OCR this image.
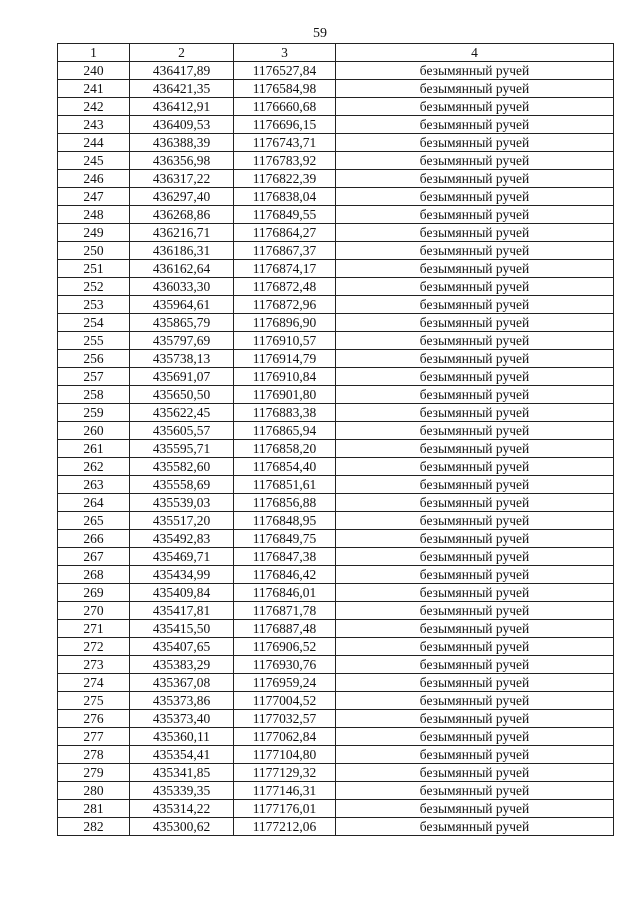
59
1	2	3	4
240	436417,89	1176527,84	безымянный ручей
241	436421,35	1176584,98	безымянный ручей
242	436412,91	1176660,68	безымянный ручей
243	436409,53	1176696,15	безымянный ручей
244	436388,39	1176743,71	безымянный ручей
245	436356,98	1176783,92	безымянный ручей
246	436317,22	1176822,39	безымянный ручей
247	436297,40	1176838,04	безымянный ручей
248	436268,86	1176849,55	безымянный ручей
249	436216,71	1176864,27	безымянный ручей
250	436186,31	1176867,37	безымянный ручей
251	436162,64	1176874,17	безымянный ручей
252	436033,30	1176872,48	безымянный ручей
253	435964,61	1176872,96	безымянный ручей
254	435865,79	1176896,90	безымянный ручей
255	435797,69	1176910,57	безымянный ручей
256	435738,13	1176914,79	безымянный ручей
257	435691,07	1176910,84	безымянный ручей
258	435650,50	1176901,80	безымянный ручей
259	435622,45	1176883,38	безымянный ручей
260	435605,57	1176865,94	безымянный ручей
261	435595,71	1176858,20	безымянный ручей
262	435582,60	1176854,40	безымянный ручей
263	435558,69	1176851,61	безымянный ручей
264	435539,03	1176856,88	безымянный ручей
265	435517,20	1176848,95	безымянный ручей
266	435492,83	1176849,75	безымянный ручей
267	435469,71	1176847,38	безымянный ручей
268	435434,99	1176846,42	безымянный ручей
269	435409,84	1176846,01	безымянный ручей
270	435417,81	1176871,78	безымянный ручей
271	435415,50	1176887,48	безымянный ручей
272	435407,65	1176906,52	безымянный ручей
273	435383,29	1176930,76	безымянный ручей
274	435367,08	1176959,24	безымянный ручей
275	435373,86	1177004,52	безымянный ручей
276	435373,40	1177032,57	безымянный ручей
277	435360,11	1177062,84	безымянный ручей
278	435354,41	1177104,80	безымянный ручей
279	435341,85	1177129,32	безымянный ручей
280	435339,35	1177146,31	безымянный ручей
281	435314,22	1177176,01	безымянный ручей
282	435300,62	1177212,06	безымянный ручей
